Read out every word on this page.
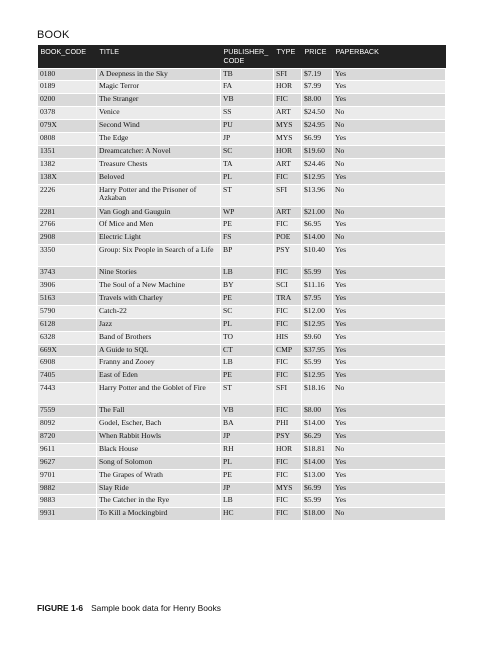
BOOK
BOOK_CODE	TITLE	PUBLISHER_ CODE	TYPE	PRICE	PAPERBACK
0180	A Deepness in the Sky	TB	SFI	$7.19	Yes
0189	Magic Terror	FA	HOR	$7.99	Yes
0200	The Stranger	VB	FIC	$8.00	Yes
0378	Venice	SS	ART	$24.50	No
079X	Second Wind	PU	MYS	$24.95	No
0808	The Edge	JP	MYS	$6.99	Yes
1351	Dreamcatcher: A Novel	SC	HOR	$19.60	No
1382	Treasure Chests	TA	ART	$24.46	No
138X	Beloved	PL	FIC	$12.95	Yes
2226	Harry Potter and the Prisoner of Azkaban	ST	SFI	$13.96	No
2281	Van Gogh and Gauguin	WP	ART	$21.00	No
2766	Of Mice and Men	PE	FIC	$6.95	Yes
2908	Electric Light	FS	POE	$14.00	No
3350	Group: Six People in Search of a Life	BP	PSY	$10.40	Yes
3743	Nine Stories	LB	FIC	$5.99	Yes
3906	The Soul of a New Machine	BY	SCI	$11.16	Yes
5163	Travels with Charley	PE	TRA	$7.95	Yes
5790	Catch-22	SC	FIC	$12.00	Yes
6128	Jazz	PL	FIC	$12.95	Yes
6328	Band of Brothers	TO	HIS	$9.60	Yes
669X	A Guide to SQL	CT	CMP	$37.95	Yes
6908	Franny and Zooey	LB	FIC	$5.99	Yes
7405	East of Eden	PE	FIC	$12.95	Yes
7443	Harry Potter and the Goblet of Fire	ST	SFI	$18.16	No
7559	The Fall	VB	FIC	$8.00	Yes
8092	Godel, Escher, Bach	BA	PHI	$14.00	Yes
8720	When Rabbit Howls	JP	PSY	$6.29	Yes
9611	Black House	RH	HOR	$18.81	No
9627	Song of Solomon	PL	FIC	$14.00	Yes
9701	The Grapes of Wrath	PE	FIC	$13.00	Yes
9882	Slay Ride	JP	MYS	$6.99	Yes
9883	The Catcher in the Rye	LB	FIC	$5.99	Yes
9931	To Kill a Mockingbird	HC	FIC	$18.00	No
FIGURE 1-6 Sample book data for Henry Books
